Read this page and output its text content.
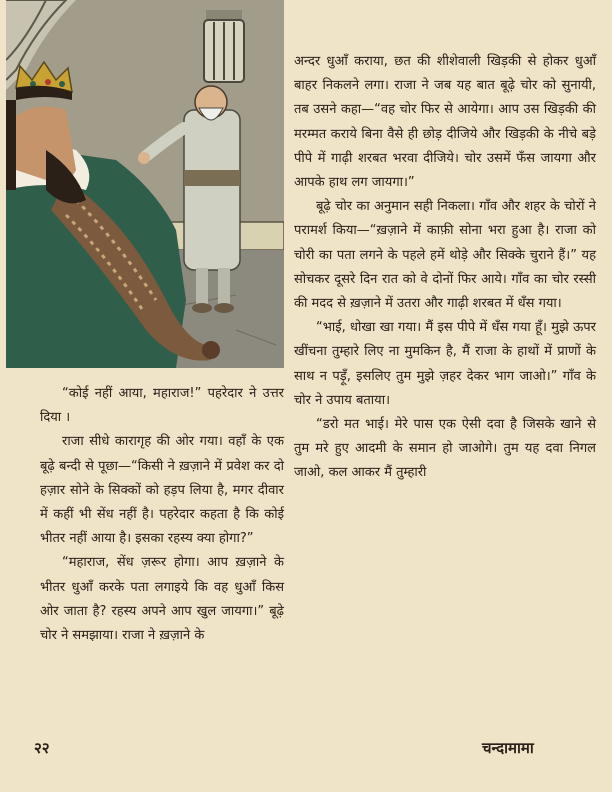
अन्दर धुआँ कराया, छत की शीशेवाली खिड़की से होकर धुआँ बाहर निकलने लगा। राजा ने जब यह बात बूढ़े चोर को सुनायी, तब उसने कहा—“वह चोर फिर से आयेगा। आप उस खिड़की की मरम्मत कराये बिना वैसे ही छोड़ दीजिये और खिड़की के नीचे बड़े पीपे में गाढ़ी शरबत भरवा दीजिये। चोर उसमें फँस जायगा और आपके हाथ लग जायगा।”

बूढ़े चोर का अनुमान सही निकला। गाँव और शहर के चोरों ने परामर्श किया—“ख़ज़ाने में काफ़ी सोना भरा हुआ है। राजा को चोरी का पता लगने के पहले हमें थोड़े और सिक्के चुराने हैं।” यह सोचकर दूसरे दिन रात को वे दोनों फिर आये। गाँव का चोर रस्सी की मदद से ख़ज़ाने में उतरा और गाढ़ी शरबत में धँस गया।

“भाई, धोखा खा गया। मैं इस पीपे में धँस गया हूँ। मुझे ऊपर खींचना तुम्हारे लिए ना मुमकिन है, मैं राजा के हाथों में प्राणों के साथ न पड़ूँ, इसलिए तुम मुझे ज़हर देकर भाग जाओ।” गाँव के चोर ने उपाय बताया।

“डरो मत भाई। मेरे पास एक ऐसी दवा है जिसके खाने से तुम मरे हुए आदमी के समान हो जाओगे। तुम यह दवा निगल जाओ, कल आकर मैं तुम्हारी

“कोई नहीं आया, महाराज!” पहरेदार ने उत्तर दिया ।

राजा सीधे कारागृह की ओर गया। वहाँ के एक बूढ़े बन्दी से पूछा—“किसी ने ख़ज़ाने में प्रवेश कर दो हज़ार सोने के सिक्कों को हड़प लिया है, मगर दीवार में कहीं भी सेंध नहीं है। पहरेदार कहता है कि कोई भीतर नहीं आया है। इसका रहस्य क्या होगा?”

“महाराज, सेंध ज़रूर होगा। आप ख़ज़ाने के भीतर धुआँ करके पता लगाइये कि वह धुआँ किस ओर जाता है? रहस्य अपने आप खुल जायगा।” बूढ़े चोर ने समझाया। राजा ने ख़ज़ाने के

२२	चन्दामामा
